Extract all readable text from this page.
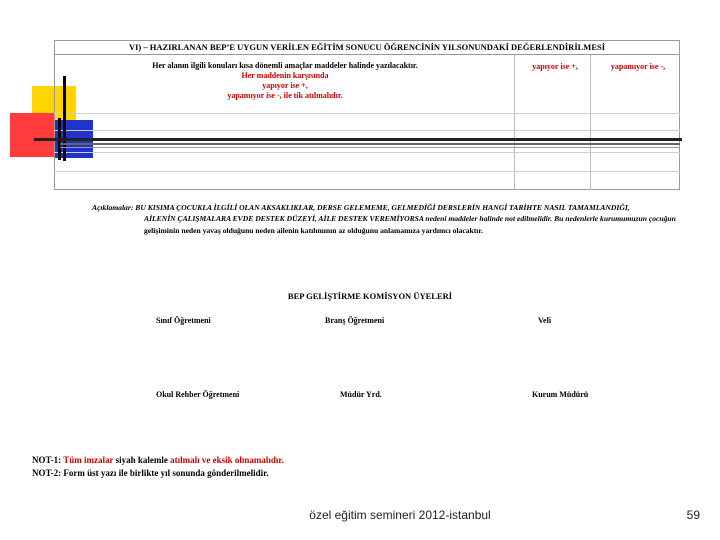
VI) – HAZIRLANAN BEP’E UYGUN VERİLEN EĞİTİM SONUCU ÖĞRENCİNİN YILSONUNDAKİ DEĞERLENDİRİLMESİ
Her alanın ilgili konuları kısa dönemli amaçlar maddeler halinde yazılacaktır.
Her maddenin karşısında
yapıyor ise +,
yapamıyor ise -, ile tik atılmalıdır.
yapıyor ise +,	yapamıyor ise -,
Açıklamalar: BU KISIMA ÇOCUKLA İLGİLİ OLAN AKSAKLIKLAR, DERSE GELEMEME, GELMEDİĞİ DERSLERİN HANGİ TARİHTE NASIL TAMAMLANDIĞI,
AİLENİN ÇALIŞMALARA EVDE DESTEK DÜZEYİ, AİLE DESTEK VEREMİYORSA nedeni maddeler halinde not edilmelidir. Bu nedenlerle kurumumuzun çocuğun
gelişiminin neden yavaş olduğunu neden ailenin katılımının az olduğunu anlamamıza yardımcı olacaktır.
BEP GELİŞTİRME KOMİSYON ÜYELERİ
Sınıf Öğretmeni	Branş Öğretmeni	Veli
Okul Rehber Öğretmeni	Müdür Yrd.	Kurum Müdürü
NOT-1: Tüm imzalar siyah kalemle atılmalı ve eksik olmamalıdır.
NOT-2: Form üst yazı ile birlikte yıl sonunda gönderilmelidir.
özel eğitim semineri 2012-istanbul	59
